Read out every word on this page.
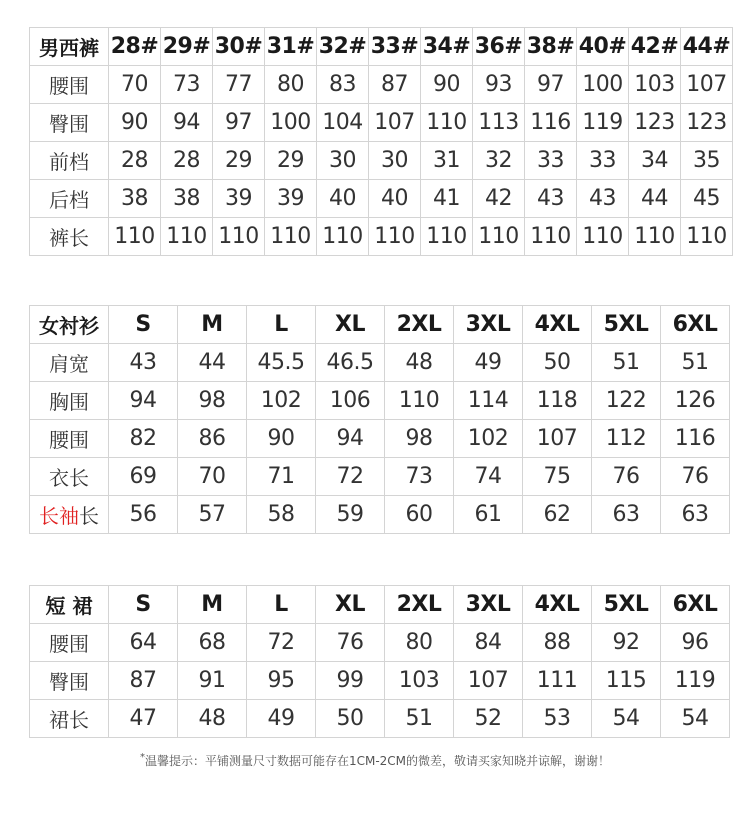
男西裤	28#	29#	30#	31#	32#	33#	34#	36#	38#	40#	42#	44#
腰围	70	73	77	80	83	87	90	93	97	100	103	107
臀围	90	94	97	100	104	107	110	113	116	119	123	123
前档	28	28	29	29	30	30	31	32	33	33	34	35
后档	38	38	39	39	40	40	41	42	43	43	44	45
裤长	110	110	110	110	110	110	110	110	110	110	110	110
女衬衫	S	M	L	XL	2XL	3XL	4XL	5XL	6XL
肩宽	43	44	45.5	46.5	48	49	50	51	51
胸围	94	98	102	106	110	114	118	122	126
腰围	82	86	90	94	98	102	107	112	116
衣长	69	70	71	72	73	74	75	76	76
长袖长	56	57	58	59	60	61	62	63	63
短 裙	S	M	L	XL	2XL	3XL	4XL	5XL	6XL
腰围	64	68	72	76	80	84	88	92	96
臀围	87	91	95	99	103	107	111	115	119
裙长	47	48	49	50	51	52	53	54	54
*温馨提示：平铺测量尺寸数据可能存在1CM-2CM的微差，敬请买家知晓并谅解，谢谢！
